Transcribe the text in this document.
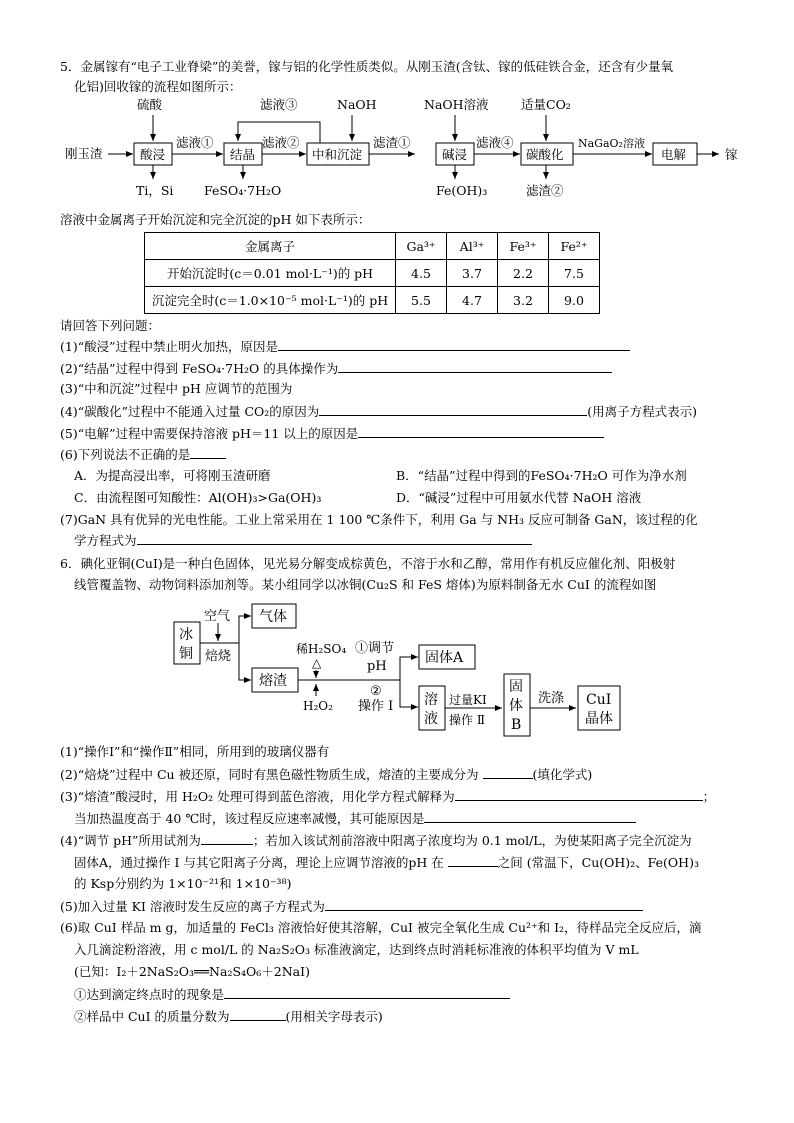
5．金属镓有“电子工业脊梁”的美誉，镓与铝的化学性质类似。从刚玉渣(含钛、镓的低硅铁合金，还含有少量氧
化铝)回收镓的流程如图所示：
刚玉渣
硫酸
酸浸
Ti，Si
滤液①
结晶
FeSO₄·7H₂O
滤液③
滤液②
NaOH
中和沉淀
滤渣①
NaOH溶液
碱浸
Fe(OH)₃
滤液④
适量CO₂
碳酸化
滤渣②
NaGaO₂溶液
电解	镓
溶液中金属离子开始沉淀和完全沉淀的pH 如下表所示：
金属离子	Ga³⁺	Al³⁺	Fe³⁺	Fe²⁺
开始沉淀时(c＝0.01 mol·L⁻¹)的 pH	4.5	3.7	2.2	7.5
沉淀完全时(c＝1.0×10⁻⁵ mol·L⁻¹)的 pH	5.5	4.7	3.2	9.0
请回答下列问题：
(1)“酸浸”过程中禁止明火加热，原因是
(2)“结晶”过程中得到 FeSO₄·7H₂O 的具体操作为
(3)“中和沉淀”过程中 pH 应调节的范围为
(4)“碳酸化”过程中不能通入过量 CO₂的原因为	(用离子方程式表示)
(5)“电解”过程中需要保持溶液 pH＝11 以上的原因是
(6)下列说法不正确的是
A．为提高浸出率，可将刚玉渣研磨	B．“结晶”过程中得到的FeSO₄·7H₂O 可作为净水剂
C．由流程图可知酸性：Al(OH)₃>Ga(OH)₃	D．“碱浸”过程中可用氨水代替 NaOH 溶液
(7)GaN 具有优异的光电性能。工业上常采用在 1 100 ℃条件下，利用 Ga 与 NH₃ 反应可制备 GaN，该过程的化
学方程式为
6．碘化亚铜(CuI)是一种白色固体，见光易分解变成棕黄色，不溶于水和乙醇，常用作有机反应催化剂、阳极射
线管覆盖物、动物饲料添加剂等。某小组同学以冰铜(Cu₂S 和 FeS 熔体)为原料制备无水 CuI 的流程如图
冰
铜
空气
焙烧
气体
熔渣
稀H₂SO₄
△
H₂O₂
①调节
pH
②
操作 Ⅰ
固体A
溶
液
过量KI
操作 Ⅱ
固
体
B
洗涤 CuI
晶体
(1)“操作Ⅰ”和“操作Ⅱ”相同，所用到的玻璃仪器有
(2)“焙烧”过程中 Cu 被还原，同时有黑色磁性物质生成，熔渣的主要成分为	(填化学式)
(3)“熔渣”酸浸时，用 H₂O₂ 处理可得到蓝色溶液，用化学方程式解释为	；
当加热温度高于 40 ℃时，该过程反应速率减慢，其可能原因是
(4)“调节 pH”所用试剂为	；若加入该试剂前溶液中阳离子浓度均为 0.1 mol/L，为使某阳离子完全沉淀为
固体A，通过操作 I 与其它阳离子分离，理论上应调节溶液的pH 在	之间 (常温下，Cu(OH)₂、Fe(OH)₃
的 Ksp分别约为 1×10⁻²¹和 1×10⁻³⁸)
(5)加入过量 KI 溶液时发生反应的离子方程式为
(6)取 CuI 样品 m g，加适量的 FeCl₃ 溶液恰好使其溶解，CuI 被完全氧化生成 Cu²⁺和 I₂，待样品完全反应后，滴
入几滴淀粉溶液，用 c mol/L 的 Na₂S₂O₃ 标准液滴定，达到终点时消耗标准液的体积平均值为 V mL
(已知：I₂＋2NaS₂O₃══Na₂S₄O₆＋2NaI)
①达到滴定终点时的现象是
②样品中 CuI 的质量分数为	(用相关字母表示)
